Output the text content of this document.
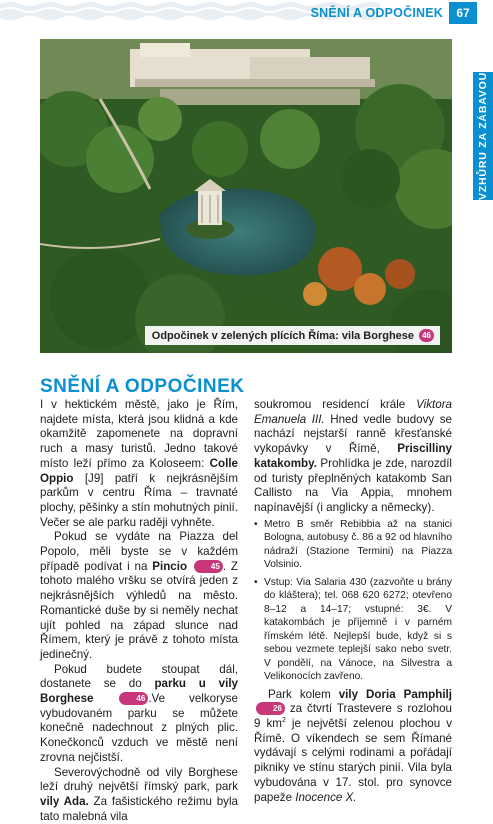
SNĚNÍ A ODPOČINEK	67
VZHŮRU ZA ZÁBAVOU
Odpočinek v zelených plících Říma: vila Borghese 46
SNĚNÍ A ODPOČINEK

I v hektickém městě, jako je Řím, najdete místa, která jsou klidná a kde okamžitě zapomenete na dopravní ruch a masy turistů. Jedno takové místo leží přímo za Koloseem: Colle Oppio [J9] patří k nejkrásnějším parkům v centru Říma – travnaté plochy, pěšinky a stín mohutných pinií. Večer se ale parku raději vyhněte.

Pokud se vydáte na Piazza del Popolo, měli byste se v každém případě podívat i na Pincio	45 . Z tohoto malého vršku se otvírá jeden z nejkrásnějších výhledů na město. Romantické duše by si neměly nechat ujít pohled na západ slunce nad Římem, který je právě z tohoto místa jedinečný.

Pokud budete stoupat dál, dostanete se do parku u vily Borghese	46 .Ve velkoryse vybudovaném parku se můžete konečně nadechnout z plných plic. Konečkonců vzduch ve městě není zrovna nejčistší.

Severovýchodně od vily Borghese leží druhý největší římský park, park vily Ada. Za fašistického režimu byla tato malebná vila

soukromou residencí krále Viktora Emanuela III. Hned vedle budovy se nachází nejstarší ranně křesťanské vykopávky v Římě, Priscilliny katakomby. Prohlídka je zde, narozdíl od turisty přeplněných katakomb San Callisto na Via Appia, mnohem napínavější (i anglicky a německy).

• Metro B směr Rebibbia až na stanici Bologna, autobusy č. 86 a 92 od hlavního nádraží (Stazione Termini) na Piazza Volsinio.
• Vstup: Via Salaria 430 (zazvoňte u brány do kláštera); tel. 068 620 6272; otevřeno 8–12 a 14–17; vstupné: 3€. V katakombách je příjemně i v parném římském létě. Nejlepší bude, když si s sebou vezmete teplejší sako nebo svetr. V pondělí, na Vánoce, na Silvestra a Velikonocích zavřeno.

Park kolem vily Doria Pamphilj 26 za čtvrtí Trastevere s rozlohou 9 $km^2$ je největší zelenou plochou v Římě. O víkendech se sem Římané vydávají s celými rodinami a pořádají pikniky ve stínu starých pinií. Vila byla vybudována v 17. stol. pro synovce papeže Inocence X.
